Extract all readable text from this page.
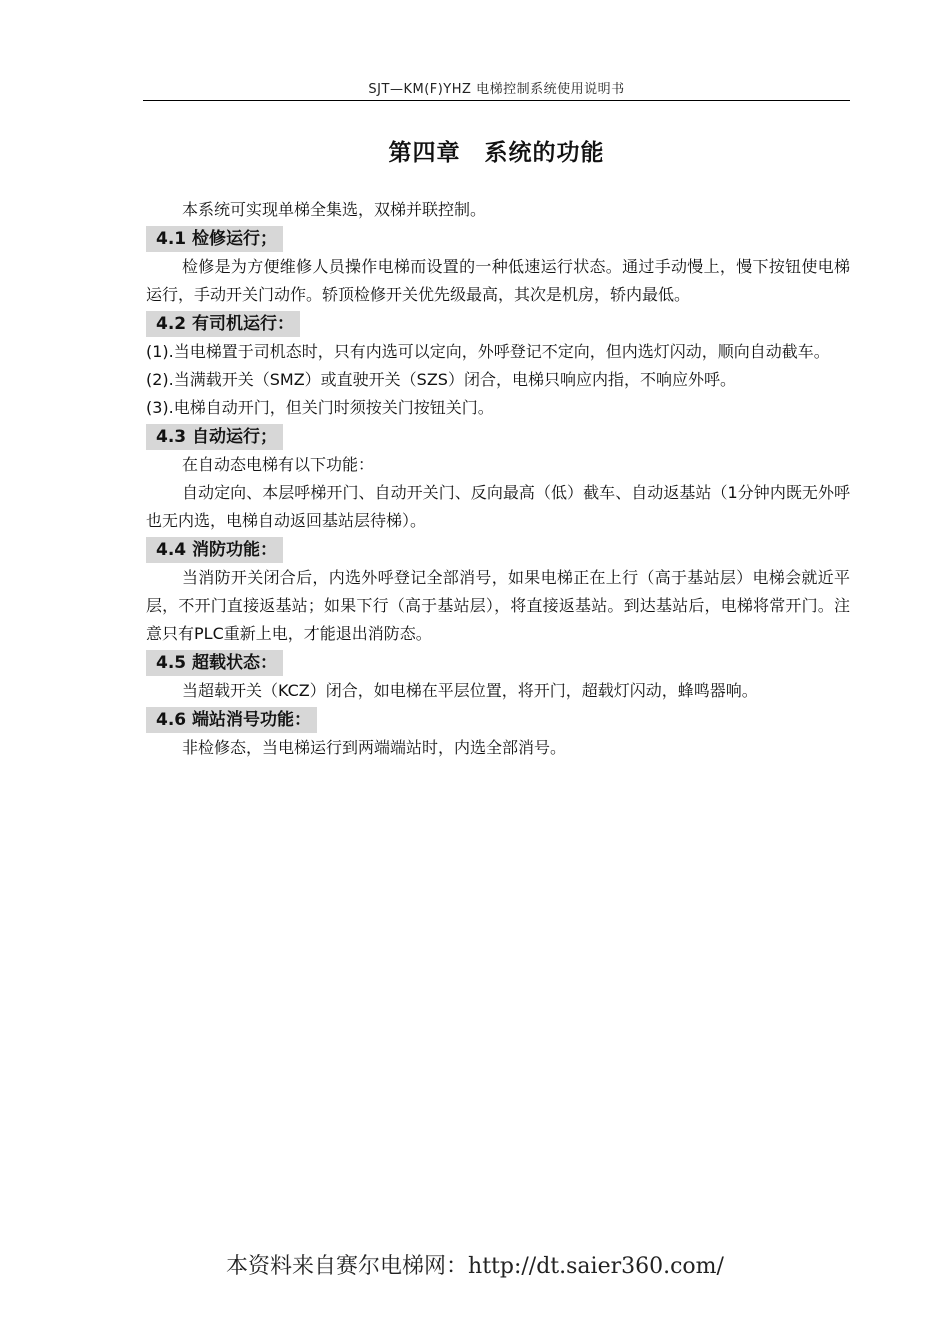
SJT—KM(F)YHZ 电梯控制系统使用说明书
第四章　系统的功能

本系统可实现单梯全集选，双梯并联控制。

4.1 检修运行；

检修是为方便维修人员操作电梯而设置的一种低速运行状态。通过手动慢上，慢下按钮使电梯运行，手动开关门动作。轿顶检修开关优先级最高，其次是机房，轿内最低。

4.2 有司机运行：

(1).当电梯置于司机态时，只有内选可以定向，外呼登记不定向，但内选灯闪动，顺向自动截车。

(2).当满载开关（SMZ）或直驶开关（SZS）闭合，电梯只响应内指，不响应外呼。

(3).电梯自动开门，但关门时须按关门按钮关门。

4.3 自动运行；

在自动态电梯有以下功能：

自动定向、本层呼梯开门、自动开关门、反向最高（低）截车、自动返基站（1分钟内既无外呼也无内选，电梯自动返回基站层待梯）。

4.4 消防功能：

当消防开关闭合后，内选外呼登记全部消号，如果电梯正在上行（高于基站层）电梯会就近平层，不开门直接返基站；如果下行（高于基站层），将直接返基站。到达基站后，电梯将常开门。注意只有PLC重新上电，才能退出消防态。

4.5 超载状态：

当超载开关（KCZ）闭合，如电梯在平层位置，将开门，超载灯闪动，蜂鸣器响。

4.6 端站消号功能：

非检修态，当电梯运行到两端端站时，内选全部消号。

本资料来自赛尔电梯网：http://dt.saier360.com/
